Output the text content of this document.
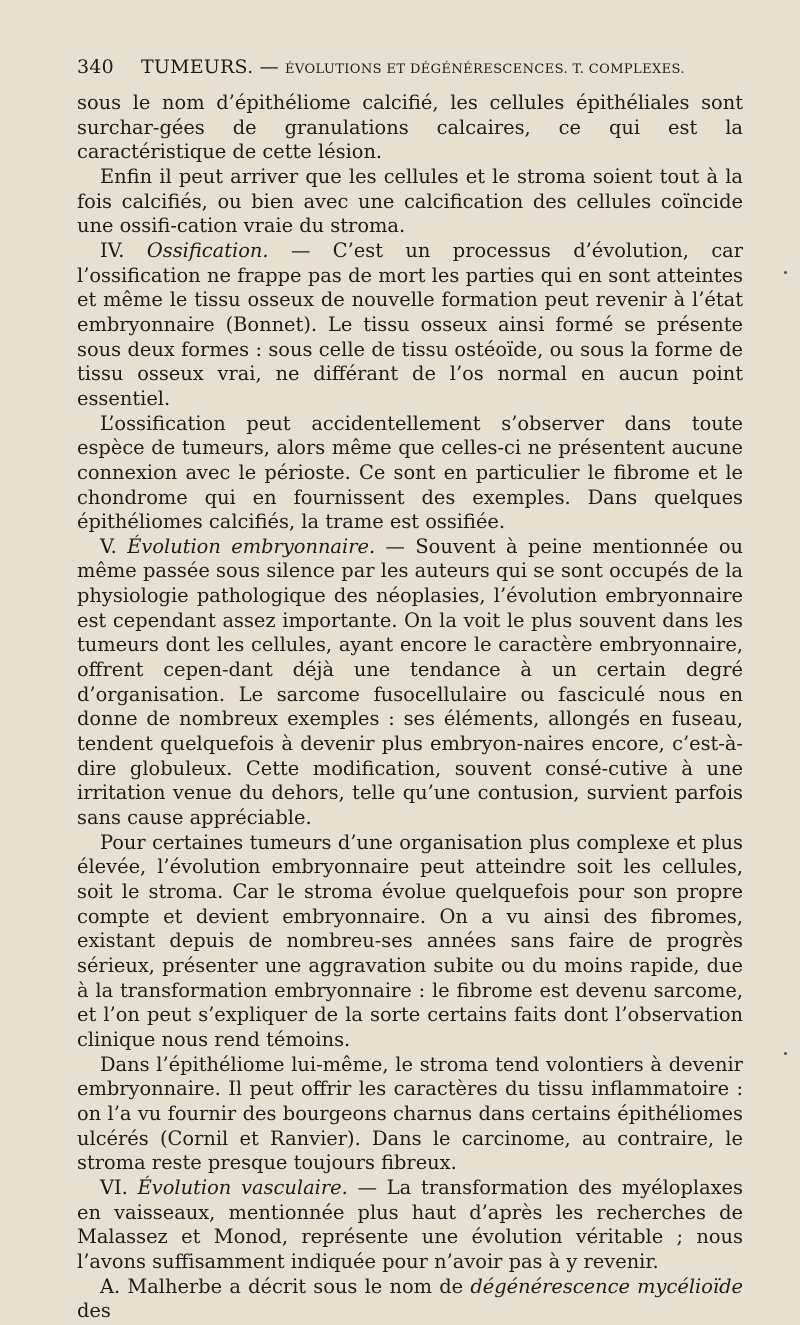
340 TUMEURS. — ÉVOLUTIONS ET DÉGÉNÉRESCENCES. T. COMPLEXES.

sous le nom d’épithéliome calcifié, les cellules épithéliales sont surchar-gées de granulations calcaires, ce qui est la caractéristique de cette lésion.

Enfin il peut arriver que les cellules et le stroma soient tout à la fois calcifiés, ou bien avec une calcification des cellules coïncide une ossifi-cation vraie du stroma.

IV. Ossification. — C’est un processus d’évolution, car l’ossification ne frappe pas de mort les parties qui en sont atteintes et même le tissu osseux de nouvelle formation peut revenir à l’état embryonnaire (Bonnet). Le tissu osseux ainsi formé se présente sous deux formes : sous celle de tissu ostéoïde, ou sous la forme de tissu osseux vrai, ne différant de l’os normal en aucun point essentiel.

L’ossification peut accidentellement s’observer dans toute espèce de tumeurs, alors même que celles-ci ne présentent aucune connexion avec le périoste. Ce sont en particulier le fibrome et le chondrome qui en fournissent des exemples. Dans quelques épithéliomes calcifiés, la trame est ossifiée.

V. Évolution embryonnaire. — Souvent à peine mentionnée ou même passée sous silence par les auteurs qui se sont occupés de la physiologie pathologique des néoplasies, l’évolution embryonnaire est cependant assez importante. On la voit le plus souvent dans les tumeurs dont les cellules, ayant encore le caractère embryonnaire, offrent cepen-dant déjà une tendance à un certain degré d’organisation. Le sarcome fusocellulaire ou fasciculé nous en donne de nombreux exemples : ses éléments, allongés en fuseau, tendent quelquefois à devenir plus embryon-naires encore, c’est-à-dire globuleux. Cette modification, souvent consé-cutive à une irritation venue du dehors, telle qu’une contusion, survient parfois sans cause appréciable.

Pour certaines tumeurs d’une organisation plus complexe et plus élevée, l’évolution embryonnaire peut atteindre soit les cellules, soit le stroma. Car le stroma évolue quelquefois pour son propre compte et devient embryonnaire. On a vu ainsi des fibromes, existant depuis de nombreu-ses années sans faire de progrès sérieux, présenter une aggravation subite ou du moins rapide, due à la transformation embryonnaire : le fibrome est devenu sarcome, et l’on peut s’expliquer de la sorte certains faits dont l’observation clinique nous rend témoins.

Dans l’épithéliome lui-même, le stroma tend volontiers à devenir embryonnaire. Il peut offrir les caractères du tissu inflammatoire : on l’a vu fournir des bourgeons charnus dans certains épithéliomes ulcérés (Cornil et Ranvier). Dans le carcinome, au contraire, le stroma reste presque toujours fibreux.

VI. Évolution vasculaire. — La transformation des myéloplaxes en vaisseaux, mentionnée plus haut d’après les recherches de Malassez et Monod, représente une évolution véritable ; nous l’avons suffisamment indiquée pour n’avoir pas à y revenir.

A. Malherbe a décrit sous le nom de dégénérescence mycélioïde des
